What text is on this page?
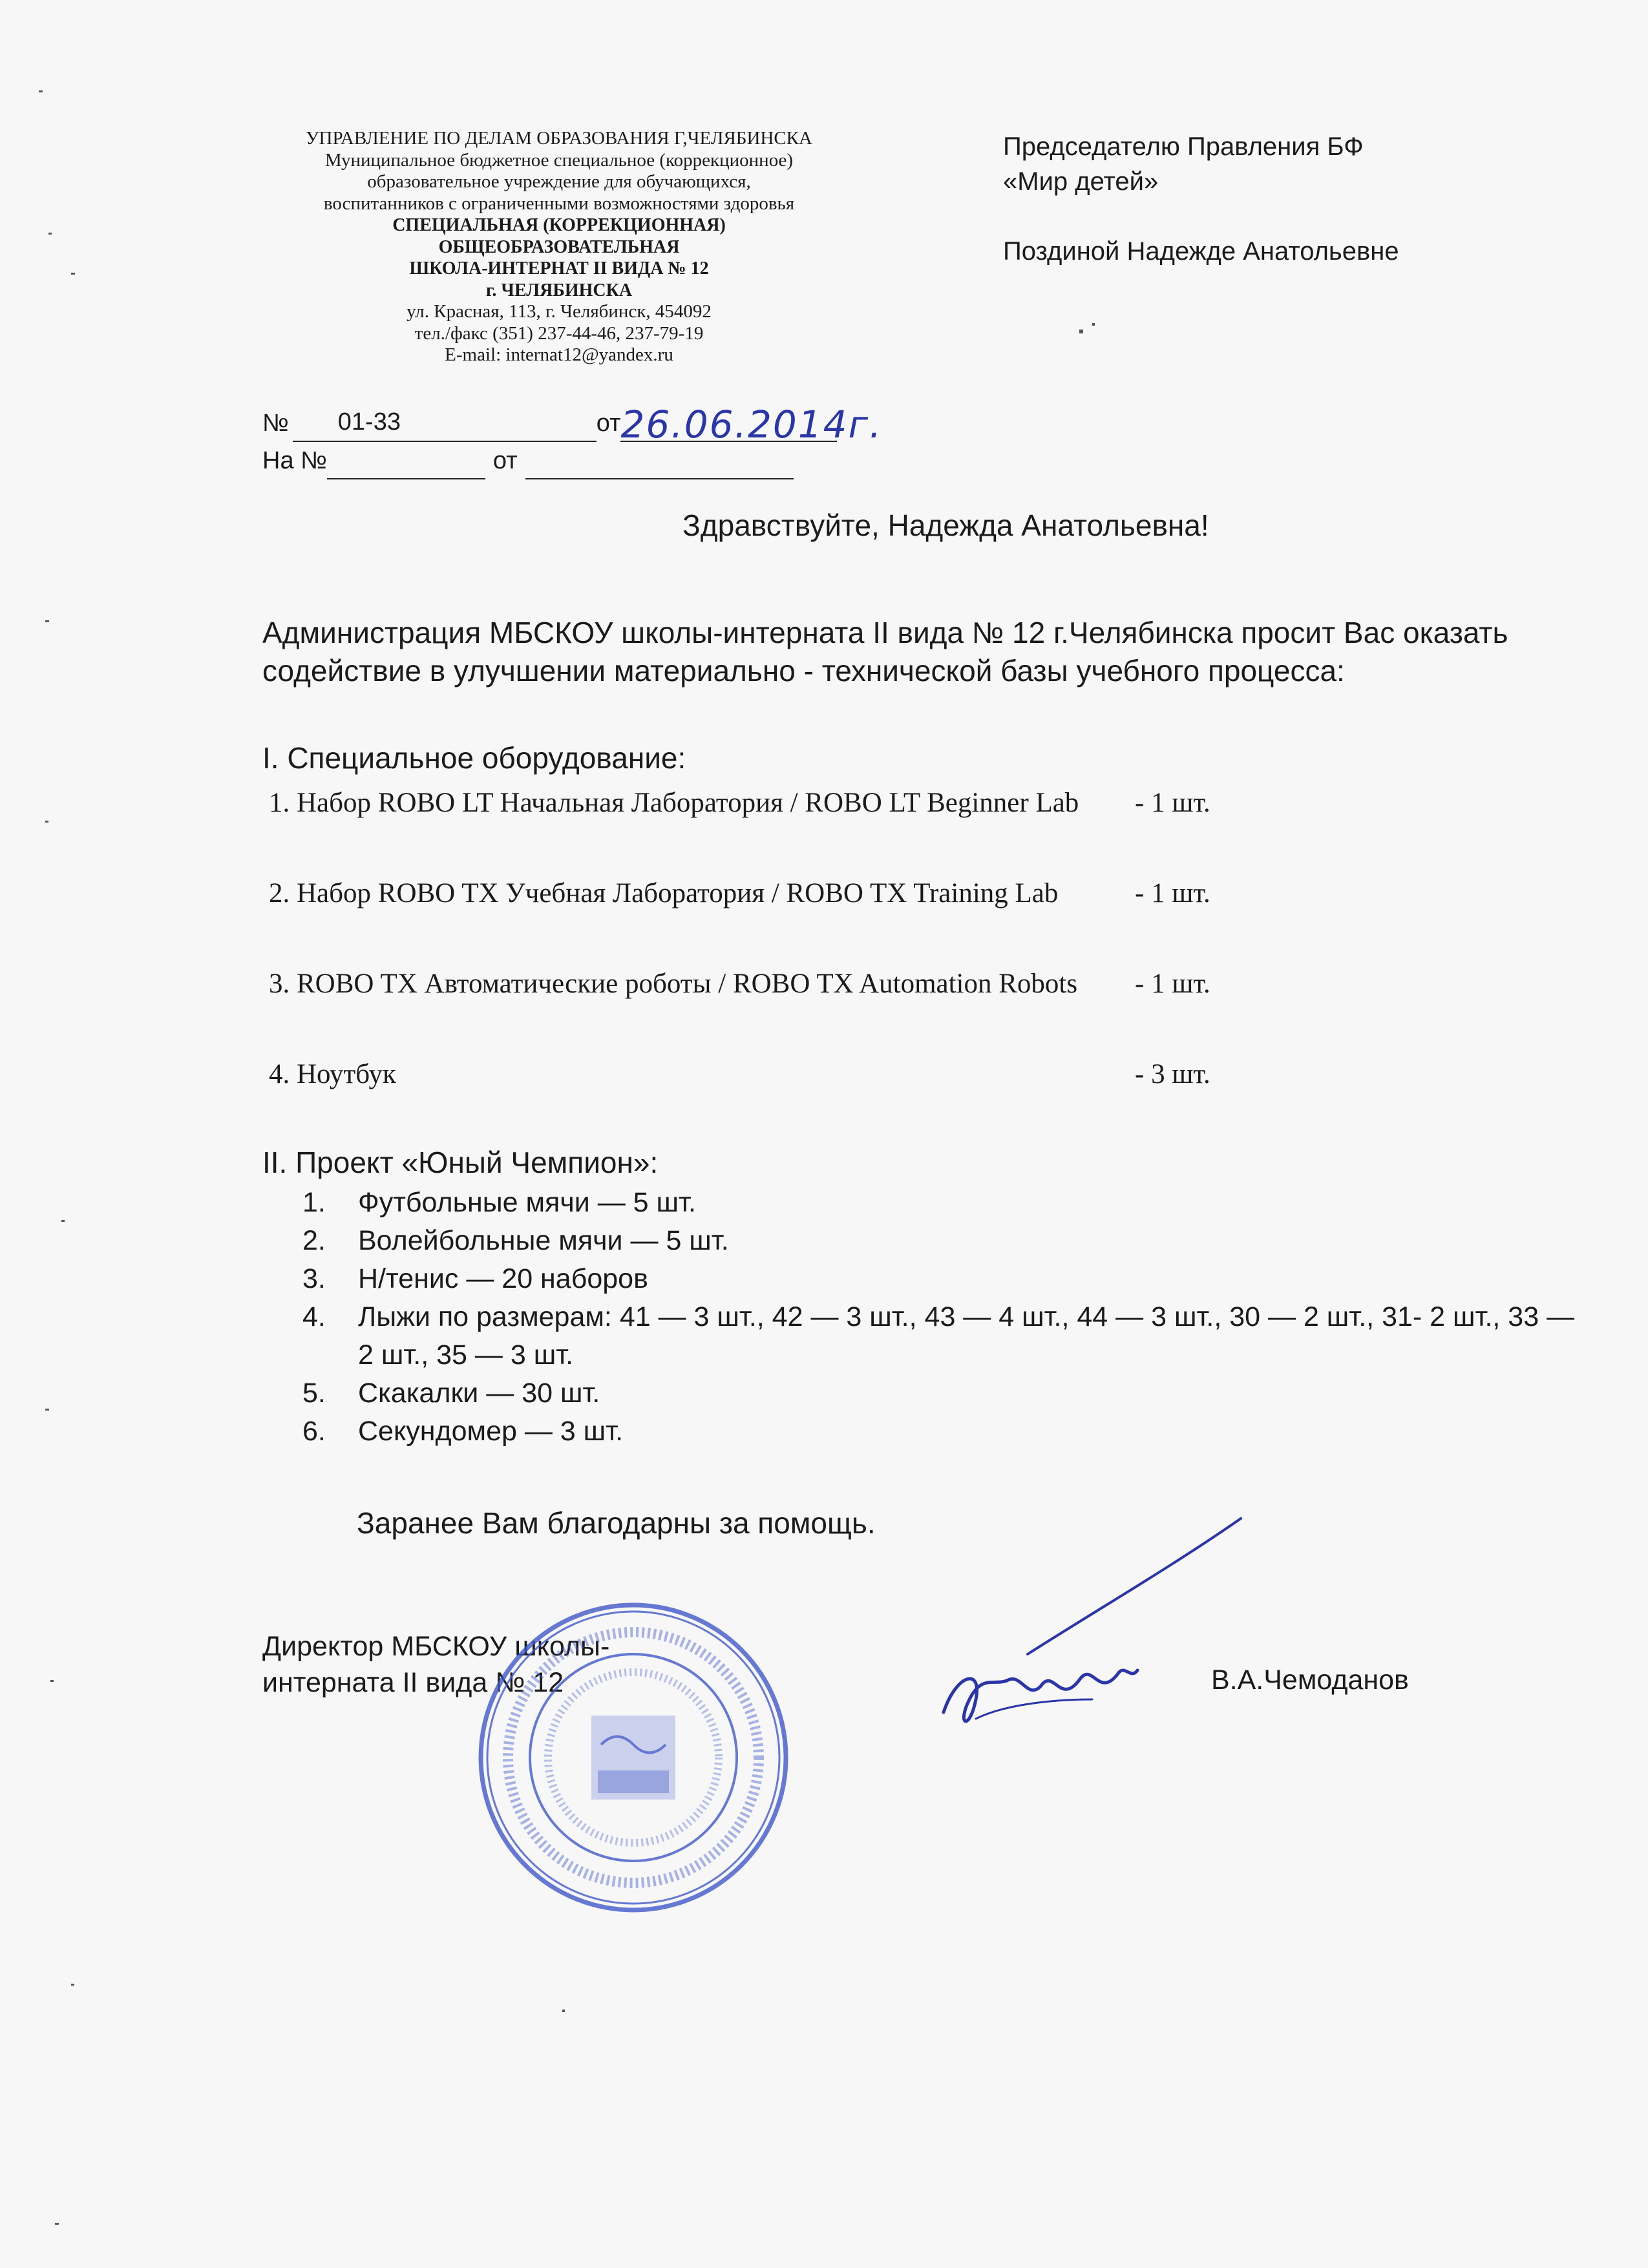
УПРАВЛЕНИЕ ПО ДЕЛАМ ОБРАЗОВАНИЯ Г,ЧЕЛЯБИНСКА
Муниципальное бюджетное специальное (коррекционное)
образовательное учреждение для обучающихся,
воспитанников с ограниченными возможностями здоровья
СПЕЦИАЛЬНАЯ (КОРРЕКЦИОННАЯ)
ОБЩЕОБРАЗОВАТЕЛЬНАЯ
ШКОЛА-ИНТЕРНАТ II ВИДА № 12
г. ЧЕЛЯБИНСКА
ул. Красная, 113, г. Челябинск, 454092
тел./факс (351) 237-44-46, 237-79-19
E-mail: internat12@yandex.ru
Председателю Правления БФ
«Мир детей»
Поздиной Надежде Анатольевне
№ 01-33	от 26.06.2014г.
На №	от
Здравствуйте, Надежда Анатольевна!
Администрация МБСКОУ школы-интерната II вида № 12 г.Челябинска просит Вас оказать содействие в улучшении материально - технической базы учебного процесса:
I. Специальное оборудование:
1. Набор ROBO LT Начальная Лаборатория / ROBO LT Beginner Lab	- 1 шт.
2. Набор ROBO TX Учебная Лаборатория / ROBO TX Training Lab	- 1 шт.
3. ROBO TX Автоматические роботы / ROBO TX Automation Robots	- 1 шт.
4. Ноутбук	- 3 шт.
II. Проект «Юный Чемпион»:
1.	Футбольные мячи — 5 шт.
2.	Волейбольные мячи — 5 шт.
3.	Н/тенис — 20 наборов
4.	Лыжи по размерам: 41 — 3 шт., 42 — 3 шт., 43 — 4 шт., 44 — 3 шт., 30 — 2 шт., 31- 2 шт., 33 — 2 шт., 35 — 3 шт.
5.	Скакалки — 30 шт.
6.	Секундомер — 3 шт.
Заранее Вам благодарны за помощь.
Директор МБСКОУ школы-
интерната II вида № 12	В.А.Чемоданов
